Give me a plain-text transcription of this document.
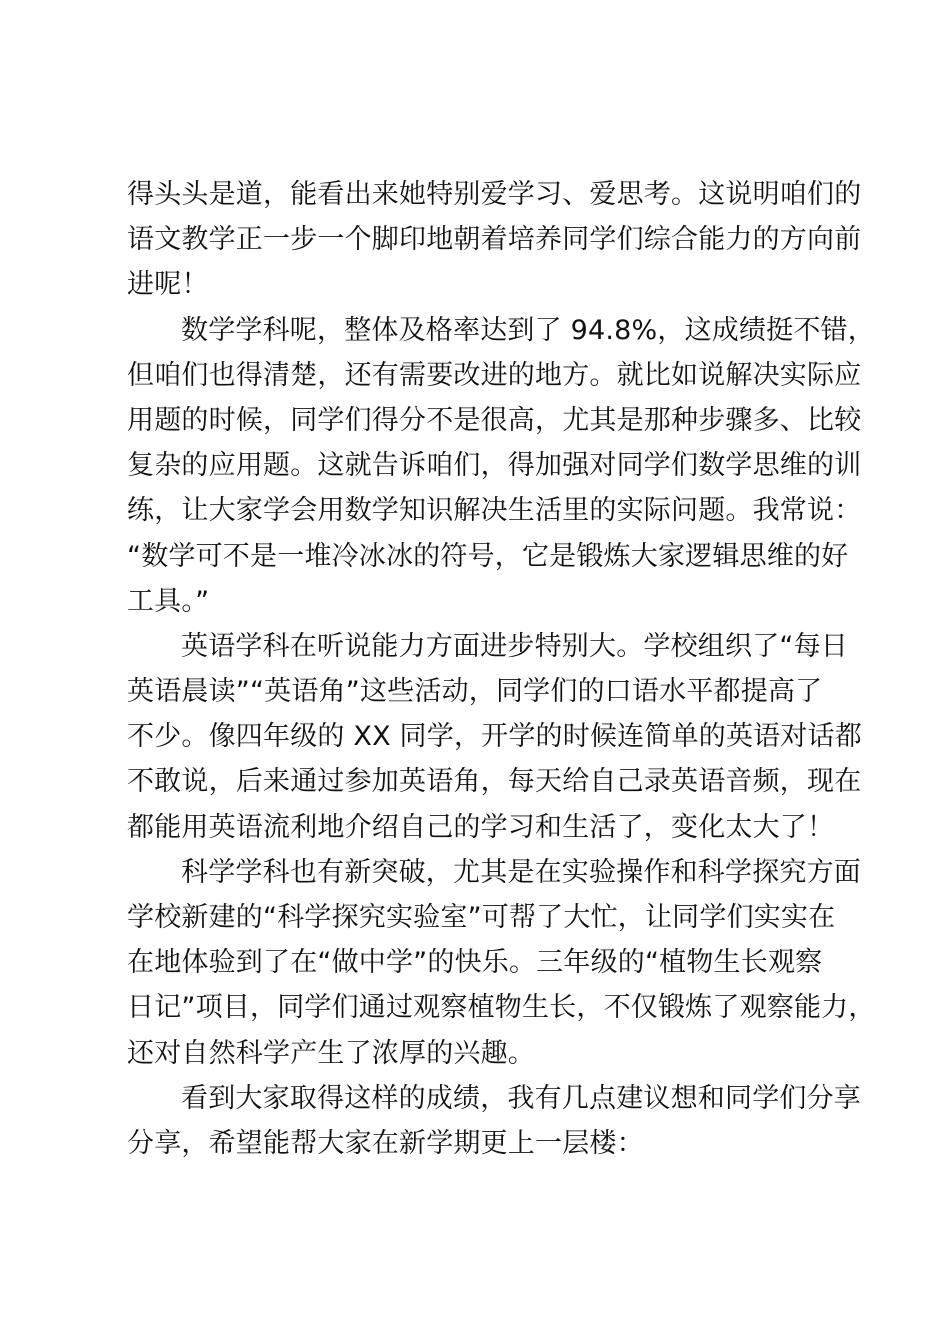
得头头是道，能看出来她特别爱学习、爱思考。这说明咱们的
语文教学正一步一个脚印地朝着培养同学们综合能力的方向前
进呢！
数学学科呢，整体及格率达到了 94.8%，这成绩挺不错，
但咱们也得清楚，还有需要改进的地方。就比如说解决实际应
用题的时候，同学们得分不是很高，尤其是那种步骤多、比较
复杂的应用题。这就告诉咱们，得加强对同学们数学思维的训
练，让大家学会用数学知识解决生活里的实际问题。我常说：
“数学可不是一堆冷冰冰的符号，它是锻炼大家逻辑思维的好
工具。”
英语学科在听说能力方面进步特别大。学校组织了“每日
英语晨读”“英语角”这些活动，同学们的口语水平都提高了
不少。像四年级的 XX 同学，开学的时候连简单的英语对话都
不敢说，后来通过参加英语角，每天给自己录英语音频，现在
都能用英语流利地介绍自己的学习和生活了，变化太大了！
科学学科也有新突破，尤其是在实验操作和科学探究方面
学校新建的“科学探究实验室”可帮了大忙，让同学们实实在
在地体验到了在“做中学”的快乐。三年级的“植物生长观察
日记”项目，同学们通过观察植物生长，不仅锻炼了观察能力，
还对自然科学产生了浓厚的兴趣。
看到大家取得这样的成绩，我有几点建议想和同学们分享
分享，希望能帮大家在新学期更上一层楼：
